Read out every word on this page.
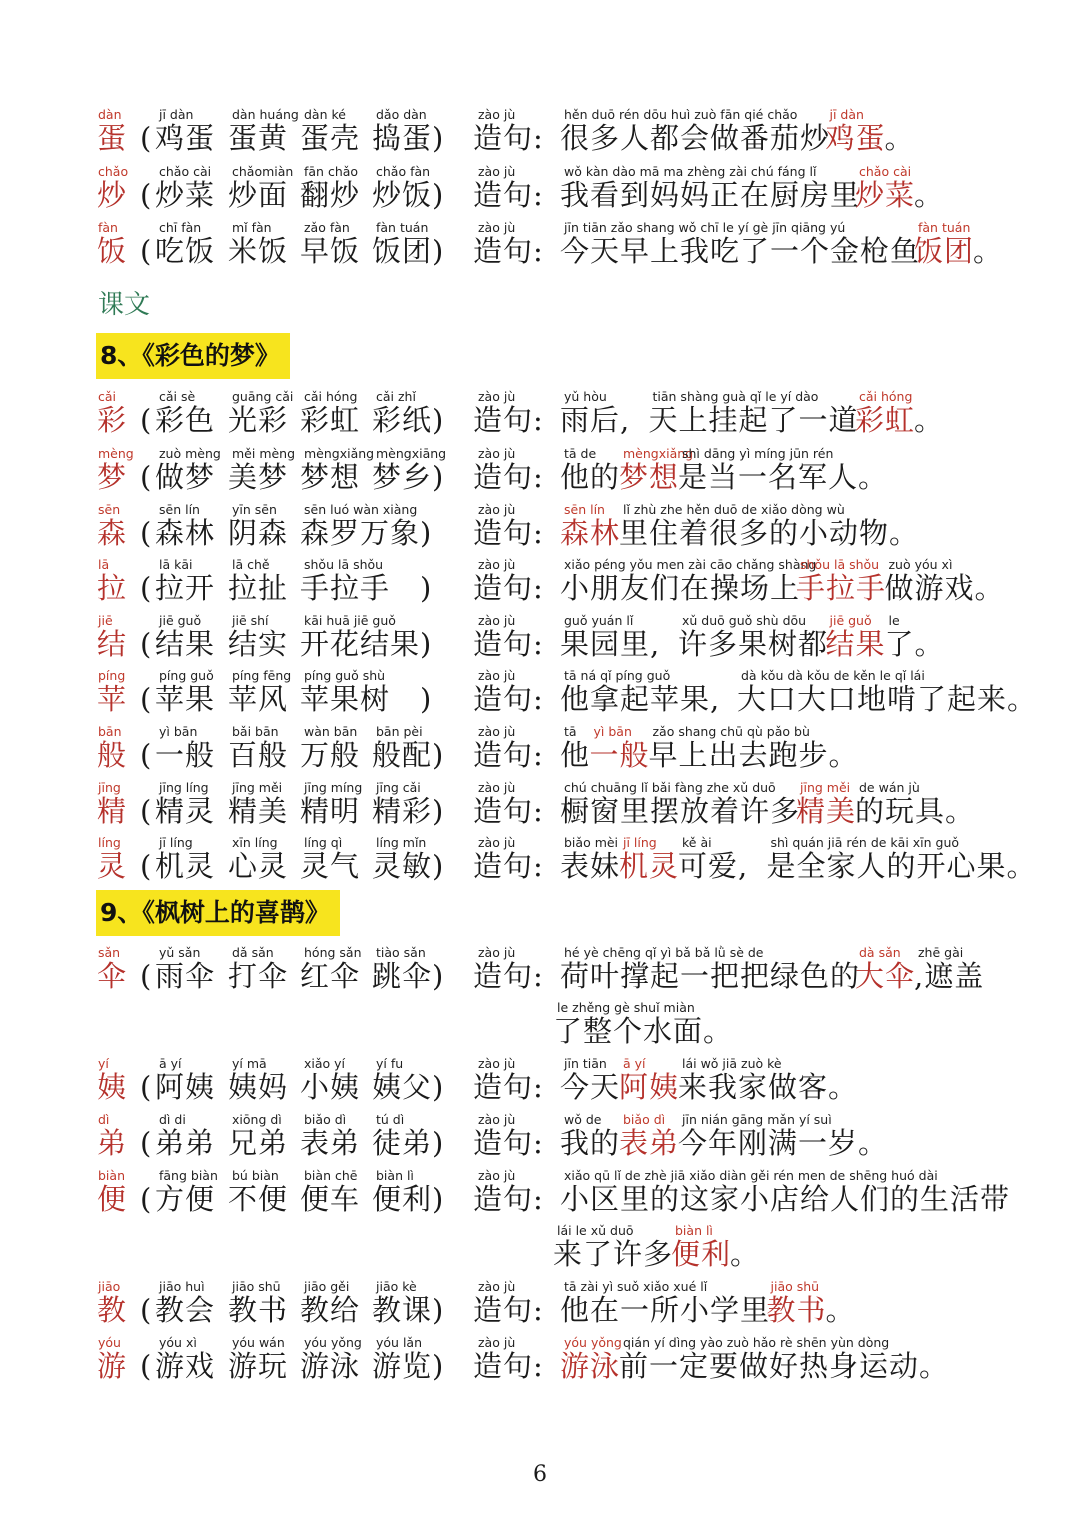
课文
8、《彩色的梦》
9、《枫树上的喜鹊》
dàn
蛋 (
jī dàn
鸡蛋
dàn huáng
蛋黄
dàn ké
蛋壳
dǎo dàn
捣蛋 )
zào jù
造句: 很多人都会做番茄炒
hěn duō rén dōu huì zuò fān qié chǎo
鸡蛋
jī dàn
。
chǎo
炒 (
chǎo cài
炒菜
chǎomiàn
炒面
fān chǎo
翻炒
chǎo fàn
炒饭 )
zào jù
造句: 我看到妈妈正在厨房里
wǒ kàn dào mā ma zhèng zài chú fáng lǐ
炒菜
chǎo cài
。
fàn
饭 (
chī fàn
吃饭
mǐ fàn
米饭
zǎo fàn
早饭
fàn tuán
饭团 )
zào jù
造句: 今天早上我吃了一个金枪鱼
jīn tiān zǎo shang wǒ chī le yí gè jīn qiāng yú
饭团
fàn tuán
。
cǎi
彩 (
cǎi sè
彩色
guāng cǎi
光彩
cǎi hóng
彩虹
cǎi zhǐ
彩纸 )
zào jù
造句: 雨后,
yǔ hòu
天上挂起了一道
tiān shàng guà qǐ le yí dào
彩虹
cǎi hóng
。
mèng
梦 (
zuò mèng
做梦
měi mèng
美梦
mèngxiǎng
梦想
mèngxiāng
梦乡 )
zào jù
造句: 他的
tā de
梦想
mèngxiǎng
是当一名军人。
shì dāng yì míng jūn rén
sēn
森 (
sēn lín
森林
yīn sēn
阴森
sēn luó wàn xiàng
森罗万象 )
zào jù
造句: 森林
sēn lín
里住着很多的小动物。
lǐ zhù zhe hěn duō de xiǎo dòng wù
lā
拉 (
lā kāi
拉开
lā chě
拉扯
shǒu lā shǒu
手拉手 )
zào jù
造句: 小朋友们在操场上
xiǎo péng yǒu men zài cāo chǎng shàng
手拉手
shǒu lā shǒu
做游戏。
zuò yóu xì
jiē
结 (
jiē guǒ
结果
jiē shí
结实
kāi huā jiē guǒ
开花结果 )
zào jù
造句: 果园里,
guǒ yuán lǐ
许多果树都
xǔ duō guǒ shù dōu
结果
jiē guǒ
了。
le
píng
苹 (
píng guǒ
苹果
píng fēng
苹风
píng guǒ shù
苹果树 )
zào jù
造句: 他拿起苹果,
tā ná qǐ píng guǒ
大口大口地啃了起来。
dà kǒu dà kǒu de kěn le qǐ lái
bān
般 (
yì bān
一般
bǎi bān
百般
wàn bān
万般
bān pèi
般配 )
zào jù
造句: 他
tā
一般
yì bān
早上出去跑步。
zǎo shang chū qù pǎo bù
jīng
精 (
jīng líng
精灵
jīng měi
精美
jīng míng
精明
jīng cǎi
精彩 )
zào jù
造句: 橱窗里摆放着许多
chú chuāng lǐ bǎi fàng zhe xǔ duō
精美
jīng měi
的玩具。
de wán jù
líng
灵 (
jī líng
机灵
xīn líng
心灵
líng qì
灵气
líng mǐn
灵敏 )
zào jù
造句: 表妹
biǎo mèi
机灵
jī líng
可爱,
kě ài
是全家人的开心果。
shì quán jiā rén de kāi xīn guǒ
sǎn
伞 (
yǔ sǎn
雨伞
dǎ sǎn
打伞
hóng sǎn
红伞
tiào sǎn
跳伞 )
zào jù
造句: 荷叶撑起一把把绿色的
hé yè chēng qǐ yì bǎ bǎ lǜ sè de
大伞
dà sǎn
,遮盖
zhē gài
了整个水面。
le zhěng gè shuǐ miàn
yí
姨 (
ā yí
阿姨
yí mā
姨妈
xiǎo yí
小姨
yí fu
姨父 )
zào jù
造句: 今天
jīn tiān
阿姨
ā yí
来我家做客。
lái wǒ jiā zuò kè
dì
弟 (
dì di
弟弟
xiōng dì
兄弟
biǎo dì
表弟
tú dì
徒弟 )
zào jù
造句: 我的
wǒ de
表弟
biǎo dì
今年刚满一岁。
jīn nián gāng mǎn yí suì
biàn
便 (
fāng biàn
方便
bú biàn
不便
biàn chē
便车
biàn lì
便利 )
zào jù
造句: 小区里的这家小店给人们的生活带
xiǎo qū lǐ de zhè jiā xiǎo diàn gěi rén men de shēng huó dài
来了许多
lái le xǔ duō
便利
biàn lì
。
jiāo
教 (
jiāo huì
教会
jiāo shū
教书
jiāo gěi
教给
jiāo kè
教课 )
zào jù
造句: 他在一所小学里
tā zài yì suǒ xiǎo xué lǐ
教书
jiāo shū
。
yóu
游 (
yóu xì
游戏
yóu wán
游玩
yóu yǒng
游泳
yóu lǎn
游览 )
zào jù
造句: 游泳
yóu yǒng
前一定要做好热身运动。
qián yí dìng yào zuò hǎo rè shēn yùn dòng
6
